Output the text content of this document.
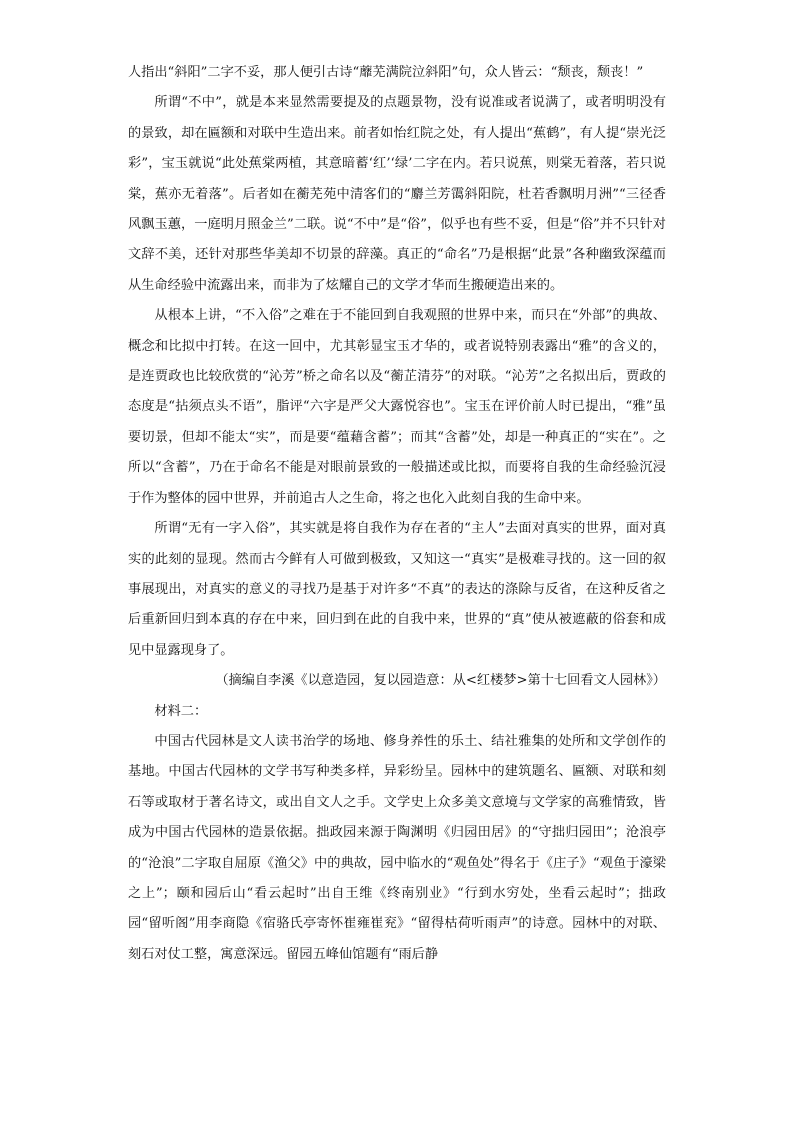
人指出“斜阳”二字不妥，那人便引古诗“蘼芜满院泣斜阳”句，众人皆云：“颓丧，颓丧！”

所谓“不中”，就是本来显然需要提及的点题景物，没有说准或者说满了，或者明明没有的景致，却在匾额和对联中生造出来。前者如怡红院之处，有人提出“蕉鹤”，有人提“崇光泛彩”，宝玉就说“此处蕉棠两植，其意暗蓄‘红’‘绿’二字在内。若只说蕉，则棠无着落，若只说棠，蕉亦无着落”。后者如在蘅芜苑中清客们的“麝兰芳霭斜阳院，杜若香飘明月洲”“三径香风飘玉蕙，一庭明月照金兰”二联。说“不中”是“俗”，似乎也有些不妥，但是“俗”并不只针对文辞不美，还针对那些华美却不切景的辞藻。真正的“命名”乃是根据“此景”各种幽致深蕴而从生命经验中流露出来，而非为了炫耀自己的文学才华而生搬硬造出来的。

从根本上讲，“不入俗”之难在于不能回到自我观照的世界中来，而只在“外部”的典故、概念和比拟中打转。在这一回中，尤其彰显宝玉才华的，或者说特别表露出“雅”的含义的，是连贾政也比较欣赏的“沁芳”桥之命名以及“蘅芷清芬”的对联。“沁芳”之名拟出后，贾政的态度是“拈须点头不语”，脂评“六字是严父大露悦容也”。宝玉在评价前人时已提出，“雅”虽要切景，但却不能太“实”，而是要“蕴藉含蓄”；而其“含蓄”处，却是一种真正的“实在”。之所以“含蓄”，乃在于命名不能是对眼前景致的一般描述或比拟，而要将自我的生命经验沉浸于作为整体的园中世界，并前追古人之生命，将之也化入此刻自我的生命中来。

所谓“无有一字入俗”，其实就是将自我作为存在者的“主人”去面对真实的世界，面对真实的此刻的显现。然而古今鲜有人可做到极致，又知这一“真实”是极难寻找的。这一回的叙事展现出，对真实的意义的寻找乃是基于对许多“不真”的表达的涤除与反省，在这种反省之后重新回归到本真的存在中来，回归到在此的自我中来，世界的“真”使从被遮蔽的俗套和成见中显露现身了。

（摘编自李溪《以意造园，复以园造意：从<红楼梦>第十七回看文人园林》）

材料二：

中国古代园林是文人读书治学的场地、修身养性的乐土、结社雅集的处所和文学创作的基地。中国古代园林的文学书写种类多样，异彩纷呈。园林中的建筑题名、匾额、对联和刻石等或取材于著名诗文，或出自文人之手。文学史上众多美文意境与文学家的高雅情致，皆成为中国古代园林的造景依据。拙政园来源于陶渊明《归园田居》的“守拙归园田”；沧浪亭的“沧浪”二字取自屈原《渔父》中的典故，园中临水的“观鱼处”得名于《庄子》“观鱼于濠梁之上”；颐和园后山“看云起时”出自王维《终南别业》“行到水穷处，坐看云起时”；拙政园“留听阁”用李商隐《宿骆氏亭寄怀崔雍崔兖》“留得枯荷听雨声”的诗意。园林中的对联、刻石对仗工整，寓意深远。留园五峰仙馆题有“雨后静
